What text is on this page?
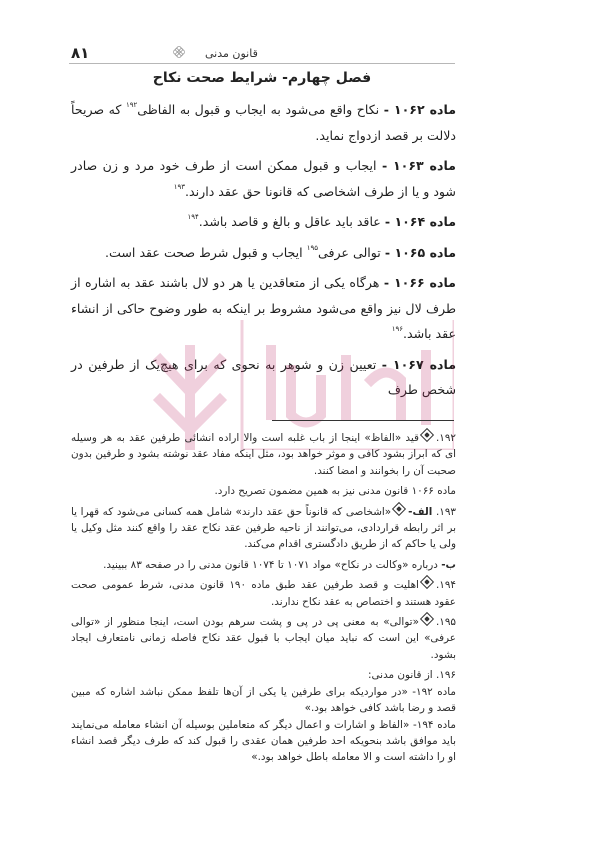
۸۱	قانون مدنی
فصل چهارم- شرایط صحت نکاح

ماده ۱۰۶۲ - نکاح واقع می‌شود به ایجاب و قبول به الفاظی$^{۱۹۲}$ که صریحاً دلالت بر قصد ازدواج نماید.

ماده ۱۰۶۳ - ایجاب و قبول ممکن است از طرف خود مرد و زن صادر شود و یا از طرف اشخاصی که قانونا حق عقد دارند.$^{۱۹۳}$

ماده ۱۰۶۴ - عاقد باید عاقل و بالغ و قاصد باشد.$^{۱۹۴}$

ماده ۱۰۶۵ - توالی عرفی$^{۱۹۵}$ ایجاب و قبول شرط صحت عقد است.

ماده ۱۰۶۶ - هرگاه یکی از متعاقدین یا هر دو لال باشند عقد به اشاره از طرف لال نیز واقع می‌شود مشروط بر اینکه به طور وضوح حاکی از انشاء عقد باشد.$^{۱۹۶}$

ماده ۱۰۶۷ - تعیین زن و شوهر به نحوی که برای هیچ‌یک از طرفین در شخص طرف

۱۹۲.قید «الفاظ» اینجا از باب غلبه است والا اراده انشائی طرفین عقد به هر وسیله ای که ابراز بشود کافی و موثر خواهد بود، مثل اینکه مفاد عقد نوشته بشود و طرفین بدون صحبت آن را بخوانند و امضا کنند.

ماده ۱۰۶۶ قانون مدنی نیز به همین مضمون تصریح دارد.

۱۹۳. الف-«اشخاصی که قانوناً حق عقد دارند» شامل همه کسانی می‌شود که قهرا یا بر اثر رابطه قراردادی، می‌توانند از ناحیه طرفین عقد نکاح عقد را واقع کنند مثل وکیل یا ولی یا حاکم که از طریق دادگستری اقدام می‌کند.

ب- درباره «وکالت در نکاح» مواد ۱۰۷۱ تا ۱۰۷۴ قانون مدنی را در صفحه ۸۳ ببینید.

۱۹۴.اهلیت و قصد طرفین عقد طبق ماده ۱۹۰ قانون مدنی، شرط عمومی صحت عقود هستند و اختصاص به عقد نکاح ندارند.

۱۹۵.«توالی» به معنی پی در پی و پشت سرهم بودن است، اینجا منظور از «توالی عرفی» این است که نباید میان ایجاب با قبول عقد نکاح فاصله زمانی نامتعارف ایجاد بشود.

۱۹۶. از قانون مدنی:

ماده ۱۹۲- «در مواردیکه برای طرفین یا یکی از آن‌ها تلفظ ممکن نباشد اشاره که مبین قصد و رضا باشد کافی خواهد بود.»

ماده ۱۹۴- «الفاظ و اشارات و اعمال دیگر که متعاملین بوسیله آن انشاء معامله می‌نمایند باید موافق باشد بنحویکه احد طرفین همان عقدی را قبول کند که طرف دیگر قصد انشاء او را داشته است و الا معامله باطل خواهد بود.»
